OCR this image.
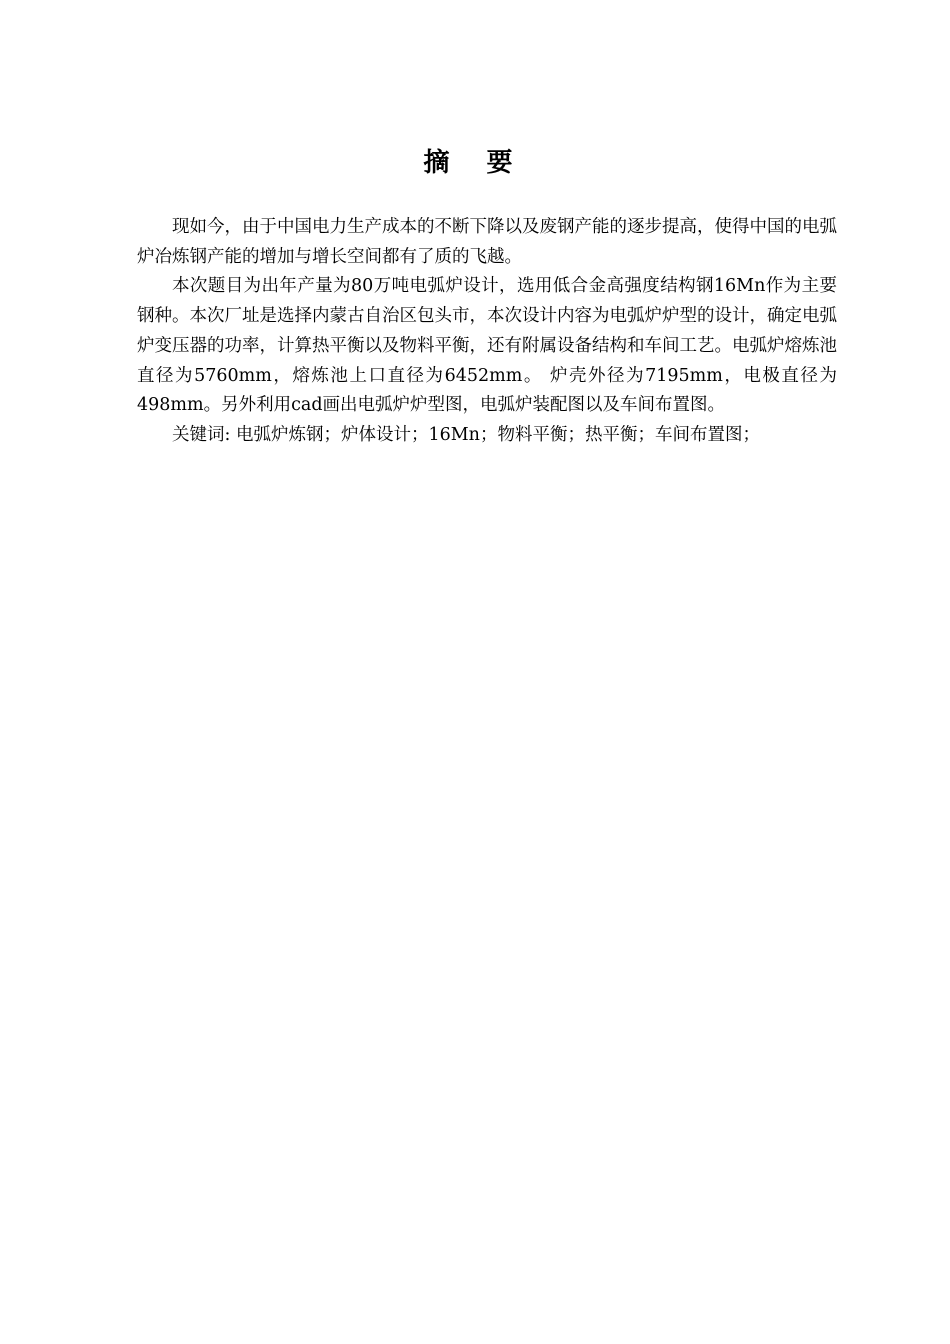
摘 要

现如今，由于中国电力生产成本的不断下降以及废钢产能的逐步提高，使得中国的电弧炉冶炼钢产能的增加与增长空间都有了质的飞越。

本次题目为出年产量为80万吨电弧炉设计，选用低合金高强度结构钢16Mn作为主要钢种。本次厂址是选择内蒙古自治区包头市，本次设计内容为电弧炉炉型的设计，确定电弧炉变压器的功率，计算热平衡以及物料平衡，还有附属设备结构和车间工艺。电弧炉熔炼池直径为5760mm，熔炼池上口直径为6452mm。 炉壳外径为7195mm，电极直径为498mm。另外利用cad画出电弧炉炉型图，电弧炉装配图以及车间布置图。

关键词: 电弧炉炼钢；炉体设计；16Mn；物料平衡；热平衡；车间布置图；
